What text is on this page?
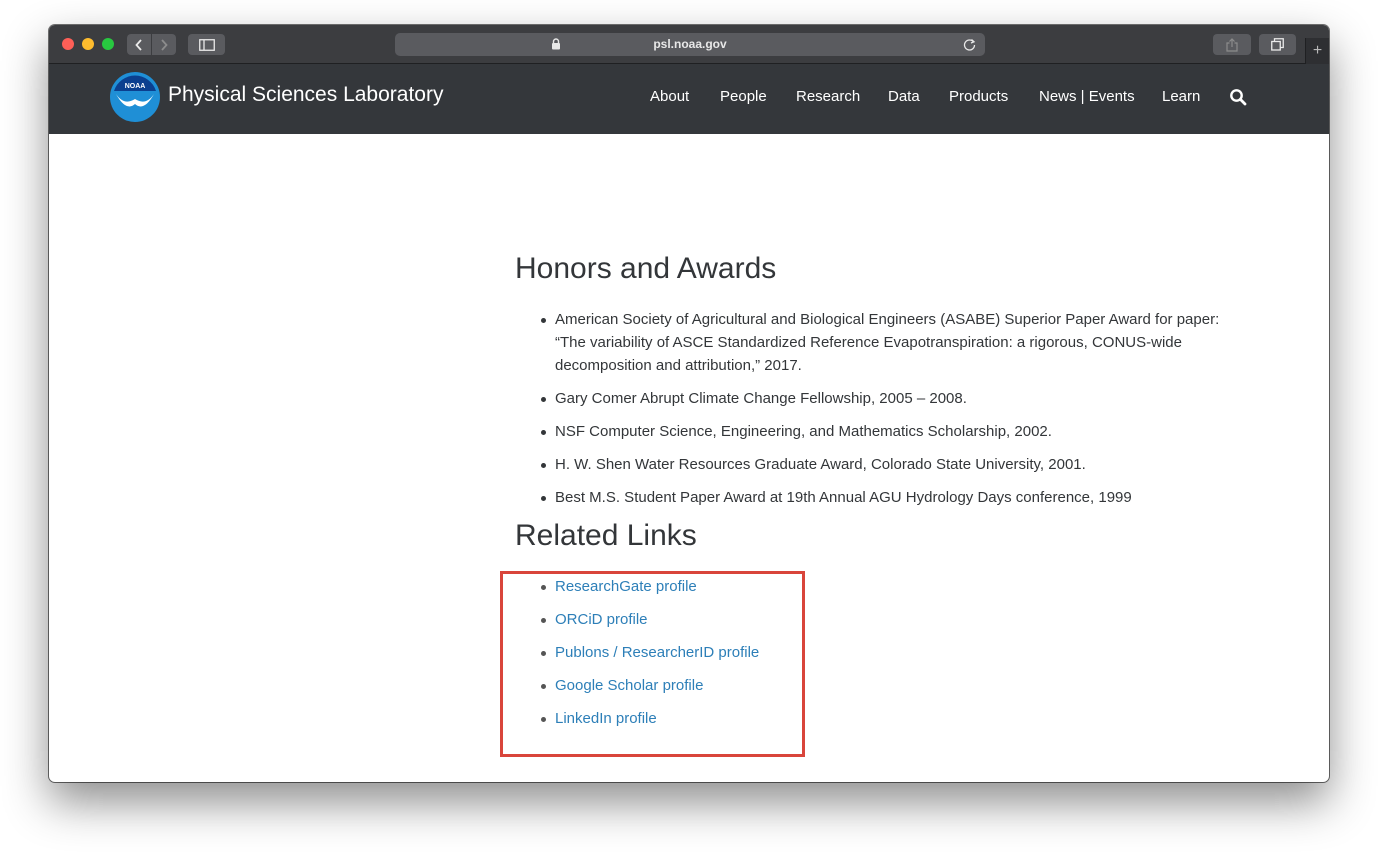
psl.noaa.gov	+
NOAA Physical Sciences Laboratory	About People Research Data Products News | Events Learn
Honors and Awards
American Society of Agricultural and Biological Engineers (ASABE) Superior Paper Award for paper: “The variability of ASCE Standardized Reference Evapotranspiration: a rigorous, CONUS-wide decomposition and attribution,” 2017.
Gary Comer Abrupt Climate Change Fellowship, 2005 – 2008.
NSF Computer Science, Engineering, and Mathematics Scholarship, 2002.
H. W. Shen Water Resources Graduate Award, Colorado State University, 2001.
Best M.S. Student Paper Award at 19th Annual AGU Hydrology Days conference, 1999
Related Links
ResearchGate profile
ORCiD profile
Publons / ResearcherID profile
Google Scholar profile
LinkedIn profile
